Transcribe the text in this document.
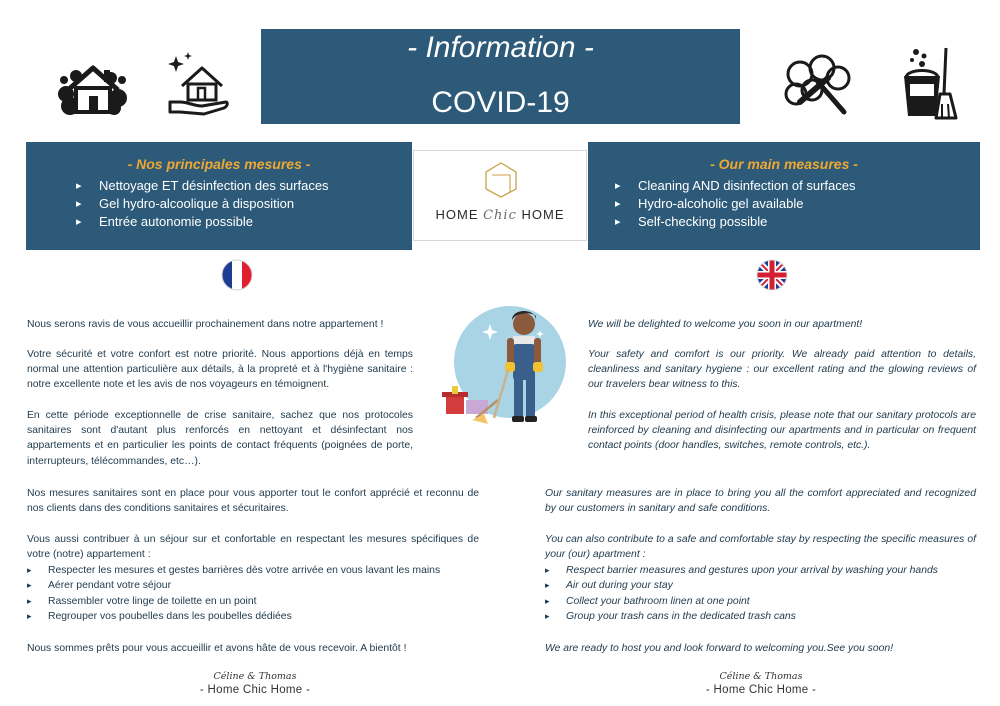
- Information -
COVID-19
- Nos principales mesures -
▸ Nettoyage ET désinfection des surfaces
▸ Gel hydro-alcoolique à disposition
▸ Entrée autonomie possible
- Our main measures -
▸ Cleaning AND disinfection of surfaces
▸ Hydro-alcoholic gel available
▸ Self-checking possible
HOME Chic HOME

Nous serons ravis de vous accueillir prochainement dans notre appartement !

Votre sécurité et votre confort est notre priorité. Nous apportions déjà en temps normal une attention particulière aux détails, à la propreté et à l'hygiène sanitaire : notre excellente note et les avis de nos voyageurs en témoignent.

En cette période exceptionnelle de crise sanitaire, sachez que nos protocoles sanitaires sont d'autant plus renforcés en nettoyant et désinfectant nos appartements et en particulier les points de contact fréquents (poignées de porte, interrupteurs, télécommandes, etc…).

Nos mesures sanitaires sont en place pour vous apporter tout le confort apprécié et reconnu de nos clients dans des conditions sanitaires et sécuritaires.

Vous aussi contribuer à un séjour sur et confortable en respectant les mesures spécifiques de votre (notre) appartement :

▸ Respecter les mesures et gestes barrières dès votre arrivée en vous lavant les mains
▸ Aérer pendant votre séjour
▸ Rassembler votre linge de toilette en un point
▸ Regrouper vos poubelles dans les poubelles dédiées

Nous sommes prêts pour vous accueillir et avons hâte de vous recevoir. A bientôt !

We will be delighted to welcome you soon in our apartment!

Your safety and comfort is our priority. We already paid attention to details, cleanliness and sanitary hygiene : our excellent rating and the glowing reviews of our travelers bear witness to this.

In this exceptional period of health crisis, please note that our sanitary protocols are reinforced by cleaning and disinfecting our apartments and in particular on frequent contact points (door handles, switches, remote controls, etc.).

Our sanitary measures are in place to bring you all the comfort appreciated and recognized by our customers in sanitary and safe conditions.

You can also contribute to a safe and comfortable stay by respecting the specific measures of your (our) apartment :

▸ Respect barrier measures and gestures upon your arrival by washing your hands
▸ Air out during your stay
▸ Collect your bathroom linen at one point
▸ Group your trash cans in the dedicated trash cans

We are ready to host you and look forward to welcoming you.See you soon!

Céline & Thomas
- Home Chic Home -
Céline & Thomas
- Home Chic Home -
